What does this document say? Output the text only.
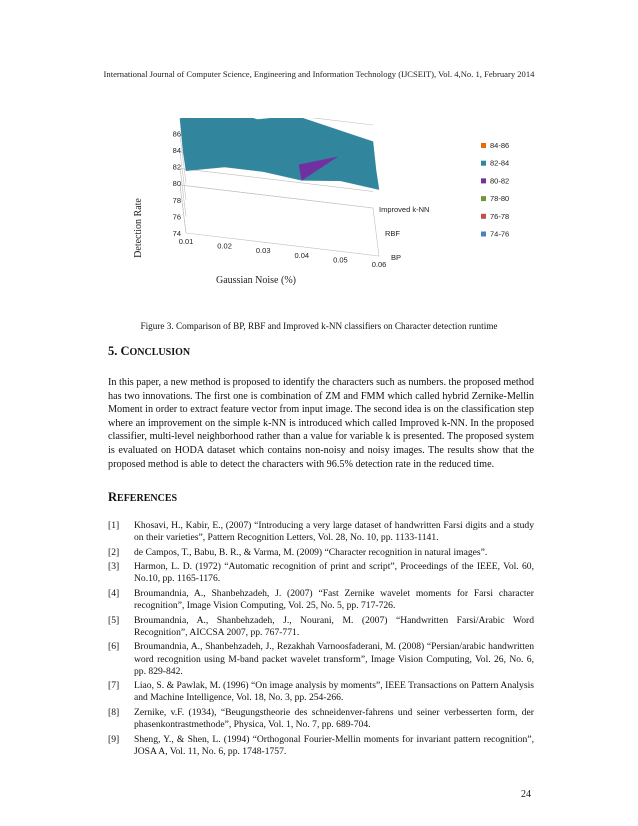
International Journal of Computer Science, Engineering and Information Technology (IJCSEIT), Vol. 4,No. 1, February 2014
74
76
78
80
82
84
86
0.01
0.02
0.03
0.04
0.05
0.06
BP
RBF
Improved k-NN
84-86
82-84
80-82
78-80
76-78
74-76
Detection Rate
Gaussian Noise (%)
Figure 3. Comparison of BP, RBF and Improved k-NN classifiers on Character detection runtime
5. CONCLUSION

In this paper, a new method is proposed to identify the characters such as numbers. the proposed method has two innovations. The first one is combination of ZM and FMM which called hybrid Zernike-Mellin Moment in order to extract feature vector from input image. The second idea is on the classification step where an improvement on the simple k-NN is introduced which called Improved k-NN. In the proposed classifier, multi-level neighborhood rather than a value for variable k is presented. The proposed system is evaluated on HODA dataset which contains non-noisy and noisy images. The results show that the proposed method is able to detect the characters with 96.5% detection rate in the reduced time.

REFERENCES
[1] Khosavi, H., Kabir, E., (2007) “Introducing a very large dataset of handwritten Farsi digits and a study on their varieties”, Pattern Recognition Letters, Vol. 28, No. 10, pp. 1133-1141.
[2] de Campos, T., Babu, B. R., & Varma, M. (2009) “Character recognition in natural images”.
[3] Harmon, L. D. (1972) “Automatic recognition of print and script”, Proceedings of the IEEE, Vol. 60, No.10, pp. 1165-1176.
[4] Broumandnia, A., Shanbehzadeh, J. (2007) “Fast Zernike wavelet moments for Farsi character recognition”, Image Vision Computing, Vol. 25, No. 5, pp. 717-726.
[5] Broumandnia, A., Shanbehzadeh, J., Nourani, M. (2007) “Handwritten Farsi/Arabic Word Recognition”, AICCSA 2007, pp. 767-771.
[6] Broumandnia, A., Shanbehzadeh, J., Rezakhah Varnoosfaderani, M. (2008) “Persian/arabic handwritten word recognition using M-band packet wavelet transform”, Image Vision Computing, Vol. 26, No. 6, pp. 829-842.
[7] Liao, S. & Pawlak, M. (1996) “On image analysis by moments”, IEEE Transactions on Pattern Analysis and Machine Intelligence, Vol. 18, No. 3, pp. 254-266.
[8] Zernike, v.F. (1934), “Beugungstheorie des schneidenver-fahrens und seiner verbesserten form, der phasenkontrastmethode”, Physica, Vol. 1, No. 7, pp. 689-704.
[9] Sheng, Y., & Shen, L. (1994) “Orthogonal Fourier-Mellin moments for invariant pattern recognition”, JOSA A, Vol. 11, No. 6, pp. 1748-1757.
24
